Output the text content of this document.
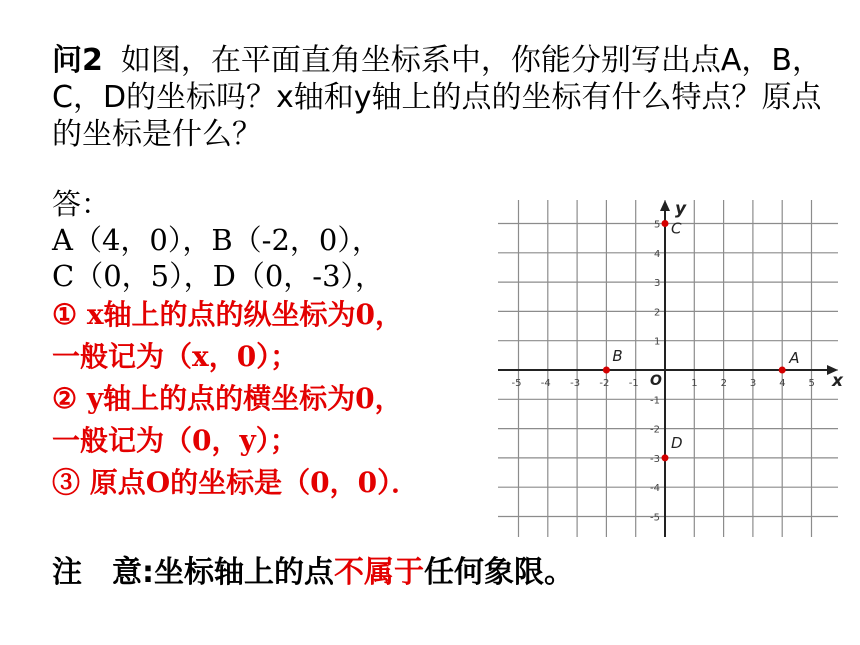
问2 如图，在平面直角坐标系中，你能分别写出点A，B，C，D的坐标吗？x轴和y轴上的点的坐标有什么特点？原点的坐标是什么？
答：
A（4，0），B（-2，0），
C（0，5），D（0，-3），
① x轴上的点的纵坐标为0，
一般记为（x，0）；
② y轴上的点的横坐标为0，
一般记为（0，y）；
③ 原点O的坐标是（0，0）．
x
y
O
-5 -4 -3 -2 -1	1 2 3 4 5
5
4
3
2
1
-1
-2
-3
-4
-5
A
B
C
D
注　意:坐标轴上的点不属于任何象限。
